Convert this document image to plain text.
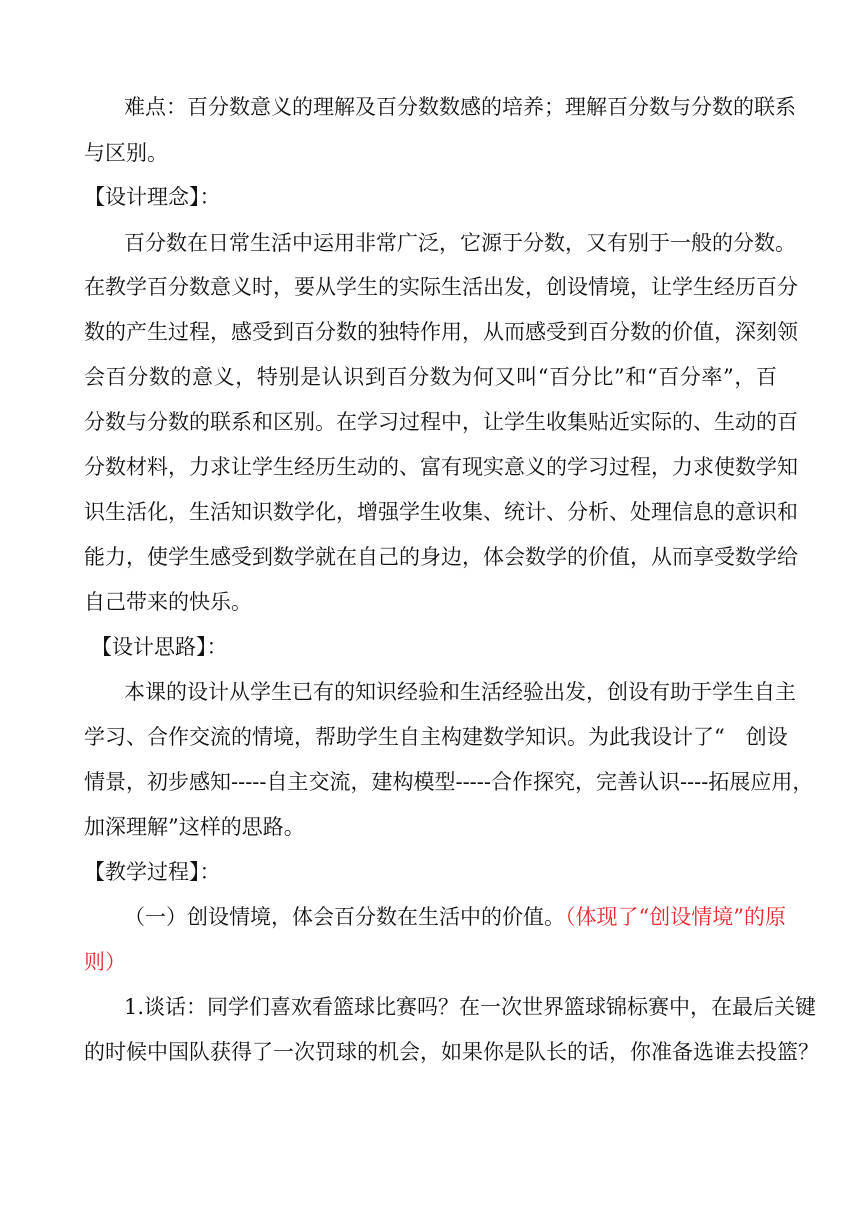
难点：百分数意义的理解及百分数数感的培养；理解百分数与分数的联系
与区别。
【设计理念】：
百分数在日常生活中运用非常广泛，它源于分数，又有别于一般的分数。
在教学百分数意义时，要从学生的实际生活出发，创设情境，让学生经历百分
数的产生过程，感受到百分数的独特作用，从而感受到百分数的价值，深刻领
会百分数的意义，特别是认识到百分数为何又叫“百分比”和“百分率”，百
分数与分数的联系和区别。在学习过程中，让学生收集贴近实际的、生动的百
分数材料，力求让学生经历生动的、富有现实意义的学习过程，力求使数学知
识生活化，生活知识数学化，增强学生收集、统计、分析、处理信息的意识和
能力，使学生感受到数学就在自己的身边，体会数学的价值，从而享受数学给
自己带来的快乐。
【设计思路】：
本课的设计从学生已有的知识经验和生活经验出发，创设有助于学生自主
学习、合作交流的情境，帮助学生自主构建数学知识。为此我设计了“　创设
情景，初步感知-----自主交流，建构模型-----合作探究，完善认识----拓展应用，
加深理解”这样的思路。
【教学过程】：
（一）创设情境，体会百分数在生活中的价值。（体现了“创设情境”的原
则）
1.谈话：同学们喜欢看篮球比赛吗？在一次世界篮球锦标赛中，在最后关键
的时候中国队获得了一次罚球的机会，如果你是队长的话，你准备选谁去投篮？
